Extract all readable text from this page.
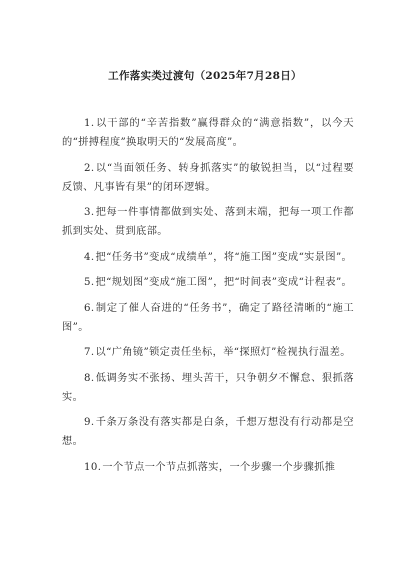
工作落实类过渡句（2025年7月28日）
1.以干部的“辛苦指数”赢得群众的“满意指数”，以今天的“拼搏程度”换取明天的“发展高度”。
2.以“当面领任务、转身抓落实”的敏锐担当，以“过程要反馈、凡事皆有果”的闭环逻辑。
3.把每一件事情都做到实处、落到末端，把每一项工作都抓到实处、贯到底部。
4.把“任务书”变成“成绩单”，将“施工图”变成“实景图”。
5.把“规划图”变成“施工图”，把“时间表”变成“计程表”。
6.制定了催人奋进的“任务书”，确定了路径清晰的“施工图”。
7.以“广角镜”锁定责任坐标，举“探照灯”检视执行温差。
8.低调务实不张扬、埋头苦干，只争朝夕不懈怠、狠抓落实。
9.千条万条没有落实都是白条，千想万想没有行动都是空想。
10.一个节点一个节点抓落实，一个步骤一个步骤抓推
